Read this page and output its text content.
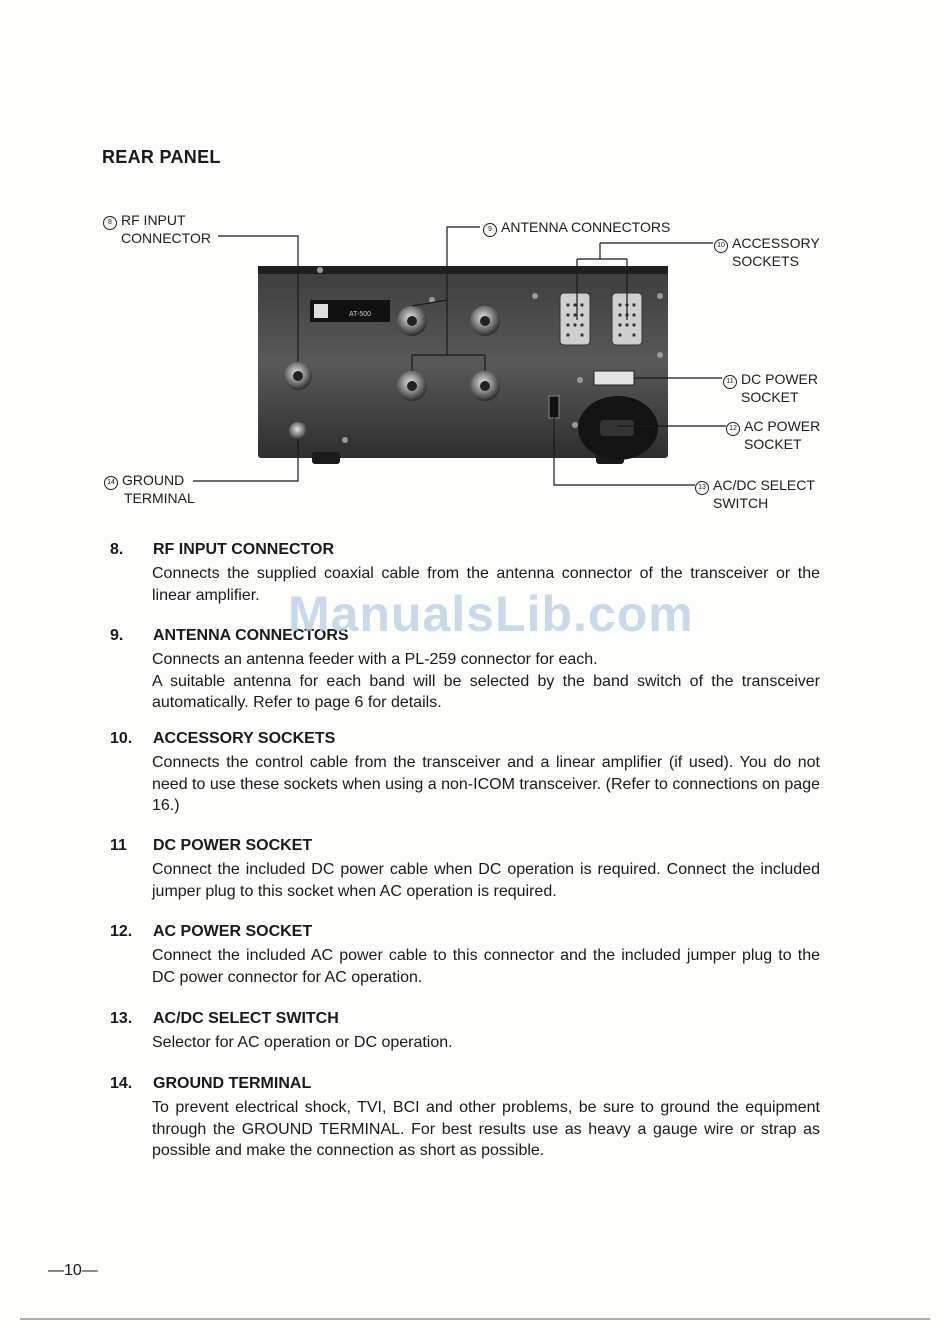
REAR PANEL
AT-500
8 RF INPUT
CONNECTOR
9 ANTENNA CONNECTORS
10 ACCESSORY
SOCKETS
11 DC POWER
SOCKET
12 AC POWER
SOCKET
13 AC/DC SELECT
SWITCH
14 GROUND
TERMINAL
8. RF INPUT CONNECTOR

Connects the supplied coaxial cable from the antenna connector of the transceiver or the linear amplifier.

9. ANTENNA CONNECTORS

Connects an antenna feeder with a PL-259 connector for each.

A suitable antenna for each band will be selected by the band switch of the transceiver automatically. Refer to page 6 for details.

10. ACCESSORY SOCKETS

Connects the control cable from the transceiver and a linear amplifier (if used). You do not need to use these sockets when using a non-ICOM transceiver. (Refer to connections on page 16.)

11 DC POWER SOCKET

Connect the included DC power cable when DC operation is required. Connect the included jumper plug to this socket when AC operation is required.

12. AC POWER SOCKET

Connect the included AC power cable to this connector and the included jumper plug to the DC power connector for AC operation.

13. AC/DC SELECT SWITCH

Selector for AC operation or DC operation.

14. GROUND TERMINAL

To prevent electrical shock, TVI, BCI and other problems, be sure to ground the equipment through the GROUND TERMINAL. For best results use as heavy a gauge wire or strap as possible and make the connection as short as possible.

ManualsLib.com
—10—
